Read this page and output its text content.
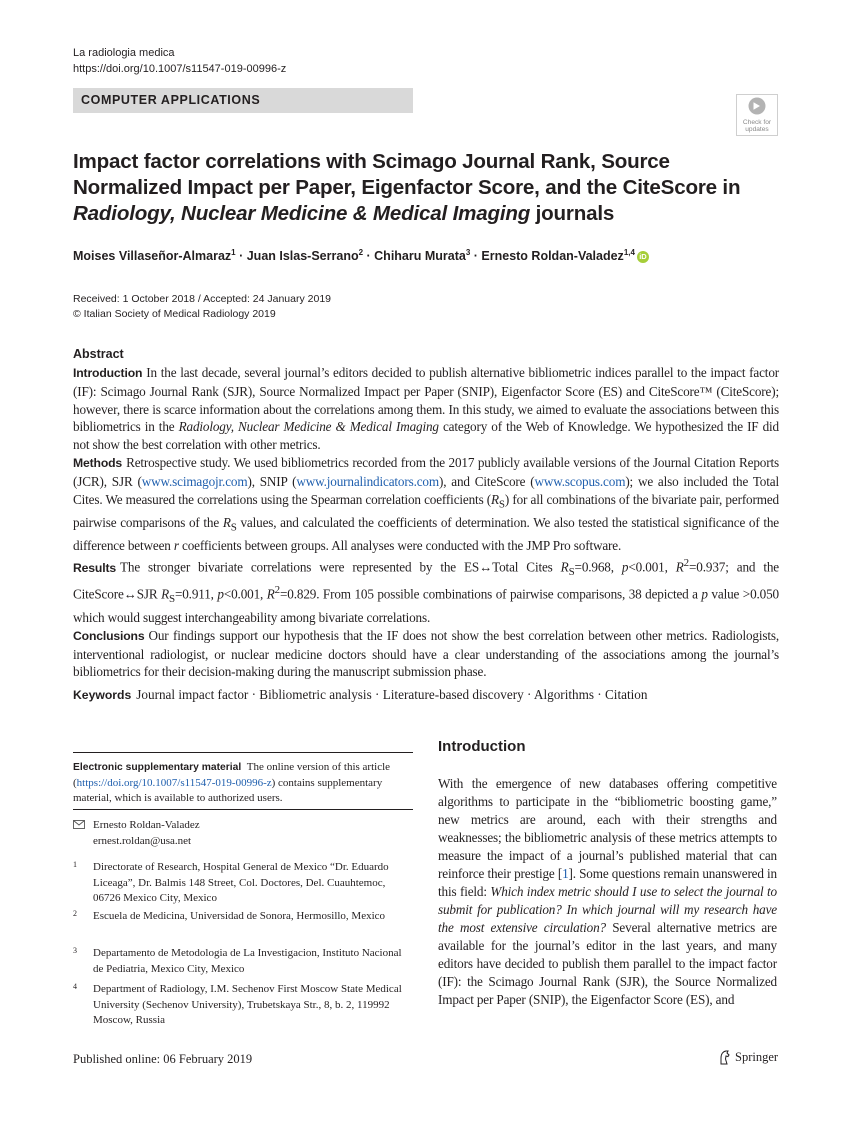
La radiologia medica
https://doi.org/10.1007/s11547-019-00996-z
COMPUTER APPLICATIONS
Check for
updates
Impact factor correlations with Scimago Journal Rank, Source Normalized Impact per Paper, Eigenfactor Score, and the CiteScore in Radiology, Nuclear Medicine & Medical Imaging journals
Moises Villaseñor-Almaraz$^1$ · Juan Islas-Serrano$^2$ · Chiharu Murata$^3$ · Ernesto Roldan-Valadez$^{1,4}$ iD
Received: 1 October 2018 / Accepted: 24 January 2019
© Italian Society of Medical Radiology 2019
Abstract

Introduction In the last decade, several journal’s editors decided to publish alternative bibliometric indices parallel to the impact factor (IF): Scimago Journal Rank (SJR), Source Normalized Impact per Paper (SNIP), Eigenfactor Score (ES) and CiteScore™ (CiteScore); however, there is scarce information about the correlations among them. In this study, we aimed to evaluate the associations between this bibliometrics in the Radiology, Nuclear Medicine & Medical Imaging category of the Web of Knowledge. We hypothesized the IF did not show the best correlation with other metrics.

Methods Retrospective study. We used bibliometrics recorded from the 2017 publicly available versions of the Journal Citation Reports (JCR), SJR (www.scimagojr.com), SNIP (www.journalindicators.com), and CiteScore (www.scopus.com); we also included the Total Cites. We measured the correlations using the Spearman correlation coefficients $(R_S)$ for all combinations of the bivariate pair, performed pairwise comparisons of the $R_S$ values, and calculated the coefficients of determination. We also tested the statistical significance of the difference between r coefficients between groups. All analyses were conducted with the JMP Pro software.

Results The stronger bivariate correlations were represented by the ES↔Total Cites $R_S=0.968$, p<0.001, $R^2=0.937$; and the CiteScore↔SJR $R_S=0.911$, p<0.001, $R^2=0.829$. From 105 possible combinations of pairwise comparisons, 38 depicted a p value >0.050 which would suggest interchangeability among bivariate correlations.

Conclusions Our findings support our hypothesis that the IF does not show the best correlation between other metrics. Radiologists, interventional radiologist, or nuclear medicine doctors should have a clear understanding of the associations among the journal’s bibliometrics for their decision-making during the manuscript submission phase.

Keywords Journal impact factor · Bibliometric analysis · Literature-based discovery · Algorithms · Citation
Electronic supplementary material The online version of this article (https://doi.org/10.1007/s11547-019-00996-z) contains supplementary material, which is available to authorized users.
Ernesto Roldan-Valadez
ernest.roldan@usa.net
1 Directorate of Research, Hospital General de Mexico “Dr. Eduardo Liceaga”, Dr. Balmis 148 Street, Col. Doctores, Del. Cuauhtemoc, 06726 Mexico City, Mexico
2 Escuela de Medicina, Universidad de Sonora, Hermosillo, Mexico
3 Departamento de Metodologia de La Investigacion, Instituto Nacional de Pediatria, Mexico City, Mexico
4 Department of Radiology, I.M. Sechenov First Moscow State Medical University (Sechenov University), Trubetskaya Str., 8, b. 2, 119992 Moscow, Russia
Introduction

With the emergence of new databases offering competitive algorithms to participate in the “bibliometric boosting game,” new metrics are around, each with their strengths and weaknesses; the bibliometric analysis of these metrics attempts to measure the impact of a journal’s published material that can reinforce their prestige [1]. Some questions remain unanswered in this field: Which index metric should I use to select the journal to submit for publication? In which journal will my research have the most extensive circulation? Several alternative metrics are available for the journal’s editor in the last years, and many editors have decided to publish them parallel to the impact factor (IF): the Scimago Journal Rank (SJR), the Source Normalized Impact per Paper (SNIP), the Eigenfactor Score (ES), and

Published online: 06 February 2019	Springer
